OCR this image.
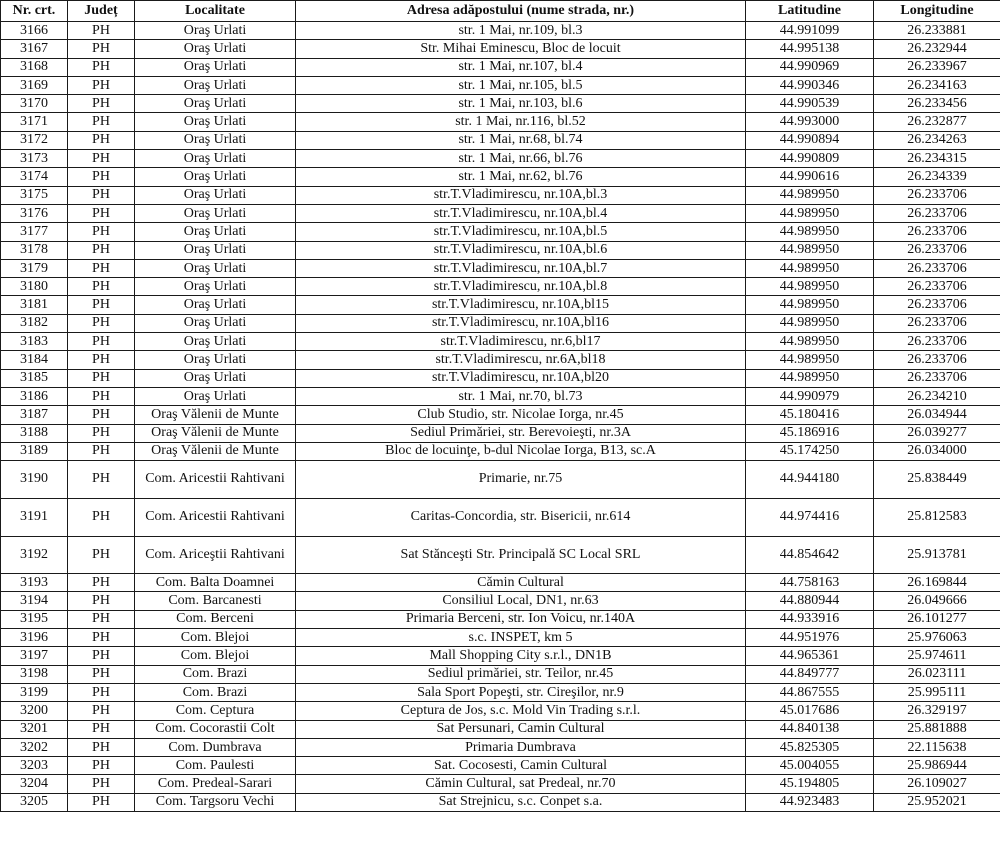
Nr. crt.	Județ	Localitate	Adresa adăpostului (nume strada, nr.)	Latitudine	Longitudine
3166	PH	Oraş Urlati	str. 1 Mai, nr.109, bl.3	44.991099	26.233881
3167	PH	Oraş Urlati	Str. Mihai Eminescu, Bloc de locuit	44.995138	26.232944
3168	PH	Oraş Urlati	str. 1 Mai, nr.107, bl.4	44.990969	26.233967
3169	PH	Oraş Urlati	str. 1 Mai, nr.105, bl.5	44.990346	26.234163
3170	PH	Oraş Urlati	str. 1 Mai, nr.103, bl.6	44.990539	26.233456
3171	PH	Oraş Urlati	str. 1 Mai, nr.116, bl.52	44.993000	26.232877
3172	PH	Oraş Urlati	str. 1 Mai, nr.68, bl.74	44.990894	26.234263
3173	PH	Oraş Urlati	str. 1 Mai, nr.66, bl.76	44.990809	26.234315
3174	PH	Oraş Urlati	str. 1 Mai, nr.62, bl.76	44.990616	26.234339
3175	PH	Oraş Urlati	str.T.Vladimirescu, nr.10A,bl.3	44.989950	26.233706
3176	PH	Oraş Urlati	str.T.Vladimirescu, nr.10A,bl.4	44.989950	26.233706
3177	PH	Oraş Urlati	str.T.Vladimirescu, nr.10A,bl.5	44.989950	26.233706
3178	PH	Oraş Urlati	str.T.Vladimirescu, nr.10A,bl.6	44.989950	26.233706
3179	PH	Oraş Urlati	str.T.Vladimirescu, nr.10A,bl.7	44.989950	26.233706
3180	PH	Oraş Urlati	str.T.Vladimirescu, nr.10A,bl.8	44.989950	26.233706
3181	PH	Oraş Urlati	str.T.Vladimirescu, nr.10A,bl15	44.989950	26.233706
3182	PH	Oraş Urlati	str.T.Vladimirescu, nr.10A,bl16	44.989950	26.233706
3183	PH	Oraş Urlati	str.T.Vladimirescu, nr.6,bl17	44.989950	26.233706
3184	PH	Oraş Urlati	str.T.Vladimirescu, nr.6A,bl18	44.989950	26.233706
3185	PH	Oraş Urlati	str.T.Vladimirescu, nr.10A,bl20	44.989950	26.233706
3186	PH	Oraş Urlati	str. 1 Mai, nr.70, bl.73	44.990979	26.234210
3187	PH	Oraş Vălenii de Munte	Club Studio, str. Nicolae Iorga, nr.45	45.180416	26.034944
3188	PH	Oraş Vălenii de Munte	Sediul Primăriei, str. Berevoieşti, nr.3A	45.186916	26.039277
3189	PH	Oraş Vălenii de Munte	Bloc de locuinţe, b-dul Nicolae Iorga, B13, sc.A	45.174250	26.034000
3190	PH	Com. Aricestii Rahtivani	Primarie, nr.75	44.944180	25.838449
3191	PH	Com. Aricestii Rahtivani	Caritas-Concordia, str. Bisericii, nr.614	44.974416	25.812583
3192	PH	Com. Ariceştii Rahtivani	Sat Stănceşti Str. Principală SC Local SRL	44.854642	25.913781
3193	PH	Com. Balta Doamnei	Cămin Cultural	44.758163	26.169844
3194	PH	Com. Barcanesti	Consiliul Local, DN1, nr.63	44.880944	26.049666
3195	PH	Com. Berceni	Primaria Berceni, str. Ion Voicu, nr.140A	44.933916	26.101277
3196	PH	Com. Blejoi	s.c. INSPET, km 5	44.951976	25.976063
3197	PH	Com. Blejoi	Mall Shopping City s.r.l., DN1B	44.965361	25.974611
3198	PH	Com. Brazi	Sediul primăriei, str. Teilor, nr.45	44.849777	26.023111
3199	PH	Com. Brazi	Sala Sport Popeşti, str. Cireşilor, nr.9	44.867555	25.995111
3200	PH	Com. Ceptura	Ceptura de Jos, s.c. Mold Vin Trading s.r.l.	45.017686	26.329197
3201	PH	Com. Cocorastii Colt	Sat Persunari, Camin Cultural	44.840138	25.881888
3202	PH	Com. Dumbrava	Primaria Dumbrava	45.825305	22.115638
3203	PH	Com. Paulesti	Sat. Cocosesti, Camin Cultural	45.004055	25.986944
3204	PH	Com. Predeal-Sarari	Cămin Cultural, sat Predeal, nr.70	45.194805	26.109027
3205	PH	Com. Targsoru Vechi	Sat Strejnicu, s.c. Conpet s.a.	44.923483	25.952021
